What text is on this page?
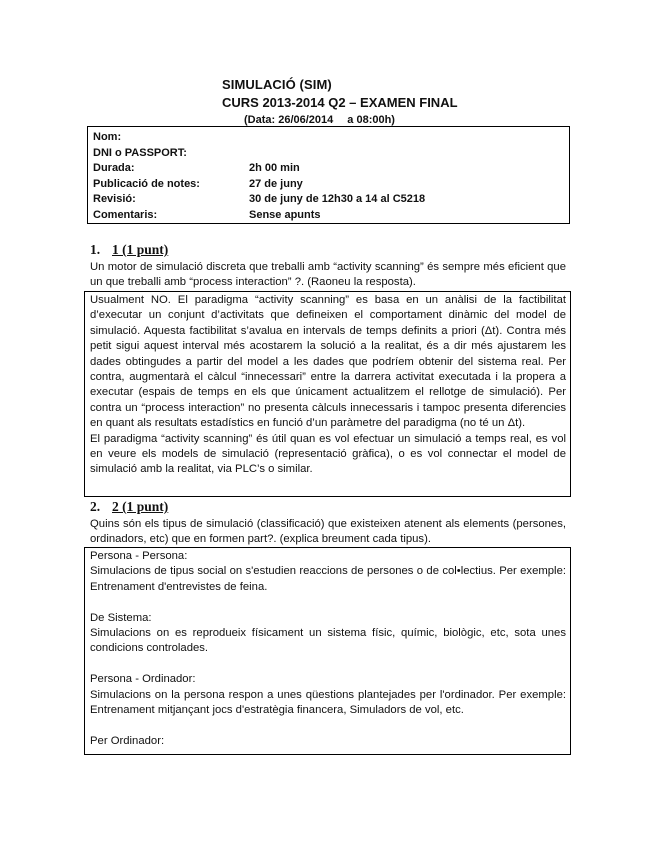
SIMULACIÓ (SIM)
CURS 2013-2014 Q2 – EXAMEN FINAL
(Data: 26/06/2014 a 08:00h)
Nom:
DNI o PASSPORT:
Durada:	2h 00 min
Publicació de notes:	27 de juny
Revisió:	30 de juny de 12h30 a 14 al C5218
Comentaris:	Sense apunts
1. 1 (1 punt)
Un motor de simulació discreta que treballi amb “activity scanning” és sempre més eficient que un que treballi amb “process interaction” ?. (Raoneu la resposta).

Usualment NO. El paradigma “activity scanning” es basa en un anàlisi de la factibilitat d’executar un conjunt d’activitats que defineixen el comportament dinàmic del model de simulació. Aquesta factibilitat s’avalua en intervals de temps definits a priori (Δt). Contra més petit sigui aquest interval més acostarem la solució a la realitat, és a dir més ajustarem les dades obtingudes a partir del model a les dades que podríem obtenir del sistema real. Per contra, augmentarà el càlcul “innecessari” entre la darrera activitat executada i la propera a executar (espais de temps en els que únicament actualitzem el rellotge de simulació). Per contra un “process interaction” no presenta càlculs innecessaris i tampoc presenta diferencies en quant als resultats estadístics en funció d’un paràmetre del paradigma (no té un Δt).

El paradigma “activity scanning” és útil quan es vol efectuar un simulació a temps real, es vol en veure els models de simulació (representació gràfica), o es vol connectar el model de simulació amb la realitat, via PLC’s o similar.

2. 2 (1 punt)
Quins són els tipus de simulació (classificació) que existeixen atenent als elements (persones, ordinadors, etc) que en formen part?. (explica breument cada tipus).

Persona - Persona:

Simulacions de tipus social on s'estudien reaccions de persones o de col•lectius. Per exemple: Entrenament d'entrevistes de feina.

De Sistema:

Simulacions on es reprodueix físicament un sistema físic, químic, biològic, etc, sota unes condicions controlades.

Persona - Ordinador:

Simulacions on la persona respon a unes qüestions plantejades per l'ordinador. Per exemple: Entrenament mitjançant jocs d'estratègia financera, Simuladors de vol, etc.

Per Ordinador:
